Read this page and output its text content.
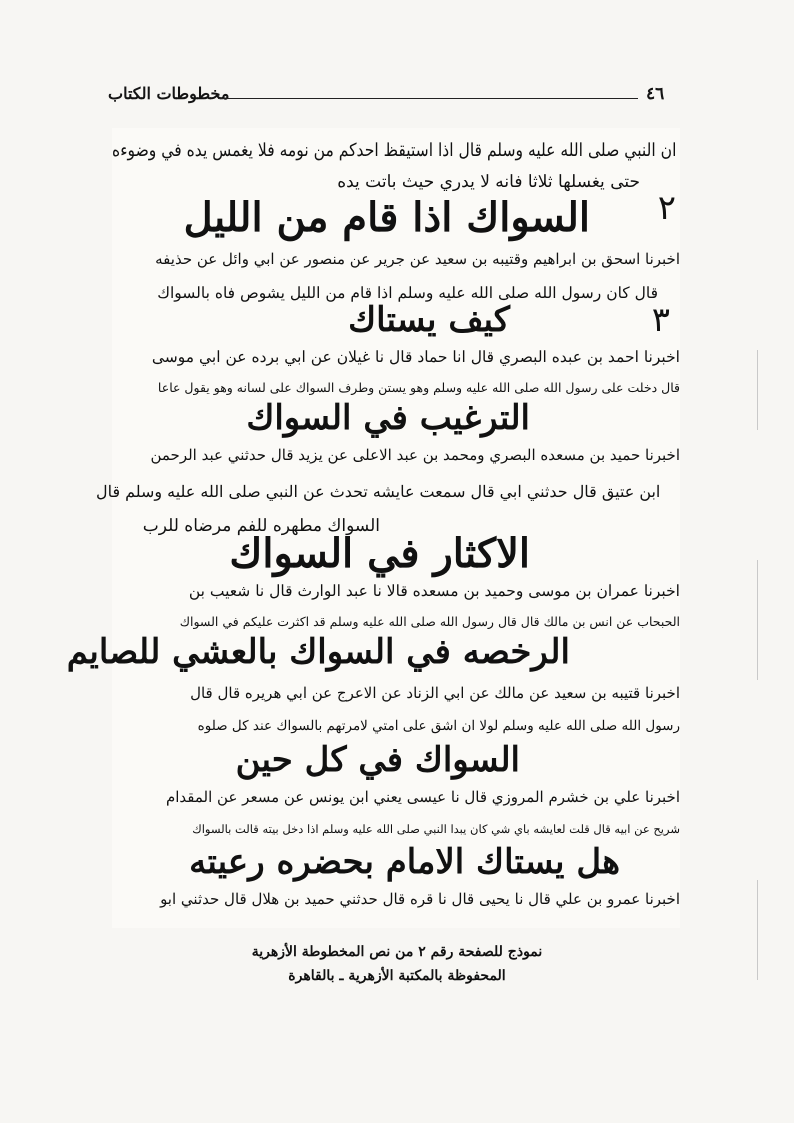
مخطوطات الكتاب	٤٦
ان النبي صلى الله عليه وسلم قال اذا استيقظ احدكم من نومه فلا يغمس يده في وضوءه
حتى يغسلها ثلاثا فانه لا يدري حيث باتت يده
٢
السواك اذا قام من الليل
اخبرنا اسحق بن ابراهيم وقتيبه بن سعيد عن جرير عن منصور عن ابي وائل عن حذيفه
قال كان رسول الله صلى الله عليه وسلم اذا قام من الليل يشوص فاه بالسواك
٣
كيف يستاك
اخبرنا احمد بن عبده البصري قال انا حماد قال نا غيلان عن ابي برده عن ابي موسى
قال دخلت على رسول الله صلى الله عليه وسلم وهو يستن وطرف السواك على لسانه وهو يقول عاعا
الترغيب في السواك
اخبرنا حميد بن مسعده البصري ومحمد بن عبد الاعلى عن يزيد قال حدثني عبد الرحمن
ابن عتيق قال حدثني ابي قال سمعت عايشه تحدث عن النبي صلى الله عليه وسلم قال
السواك مطهره للفم مرضاه للرب
الاكثار في السواك
اخبرنا عمران بن موسى وحميد بن مسعده قالا نا عبد الوارث قال نا شعيب بن
الحبحاب عن انس بن مالك قال قال رسول الله صلى الله عليه وسلم قد اكثرت عليكم في السواك
الرخصه في السواك بالعشي للصايم
اخبرنا قتيبه بن سعيد عن مالك عن ابي الزناد عن الاعرج عن ابي هريره قال قال
رسول الله صلى الله عليه وسلم لولا ان اشق على امتي لامرتهم بالسواك عند كل صلوه
السواك في كل حين
اخبرنا علي بن خشرم المروزي قال نا عيسى يعني ابن يونس عن مسعر عن المقدام
شريح عن ابيه قال قلت لعايشه باي شي كان يبدا النبي صلى الله عليه وسلم اذا دخل بيته قالت بالسواك
هل يستاك الامام بحضره رعيته
اخبرنا عمرو بن علي قال نا يحيى قال نا قره قال حدثني حميد بن هلال قال حدثني ابو
نموذج للصفحة رقم ٢ من نص المخطوطة الأزهرية
المحفوظة بالمكتبة الأزهرية ـ بالقاهرة
